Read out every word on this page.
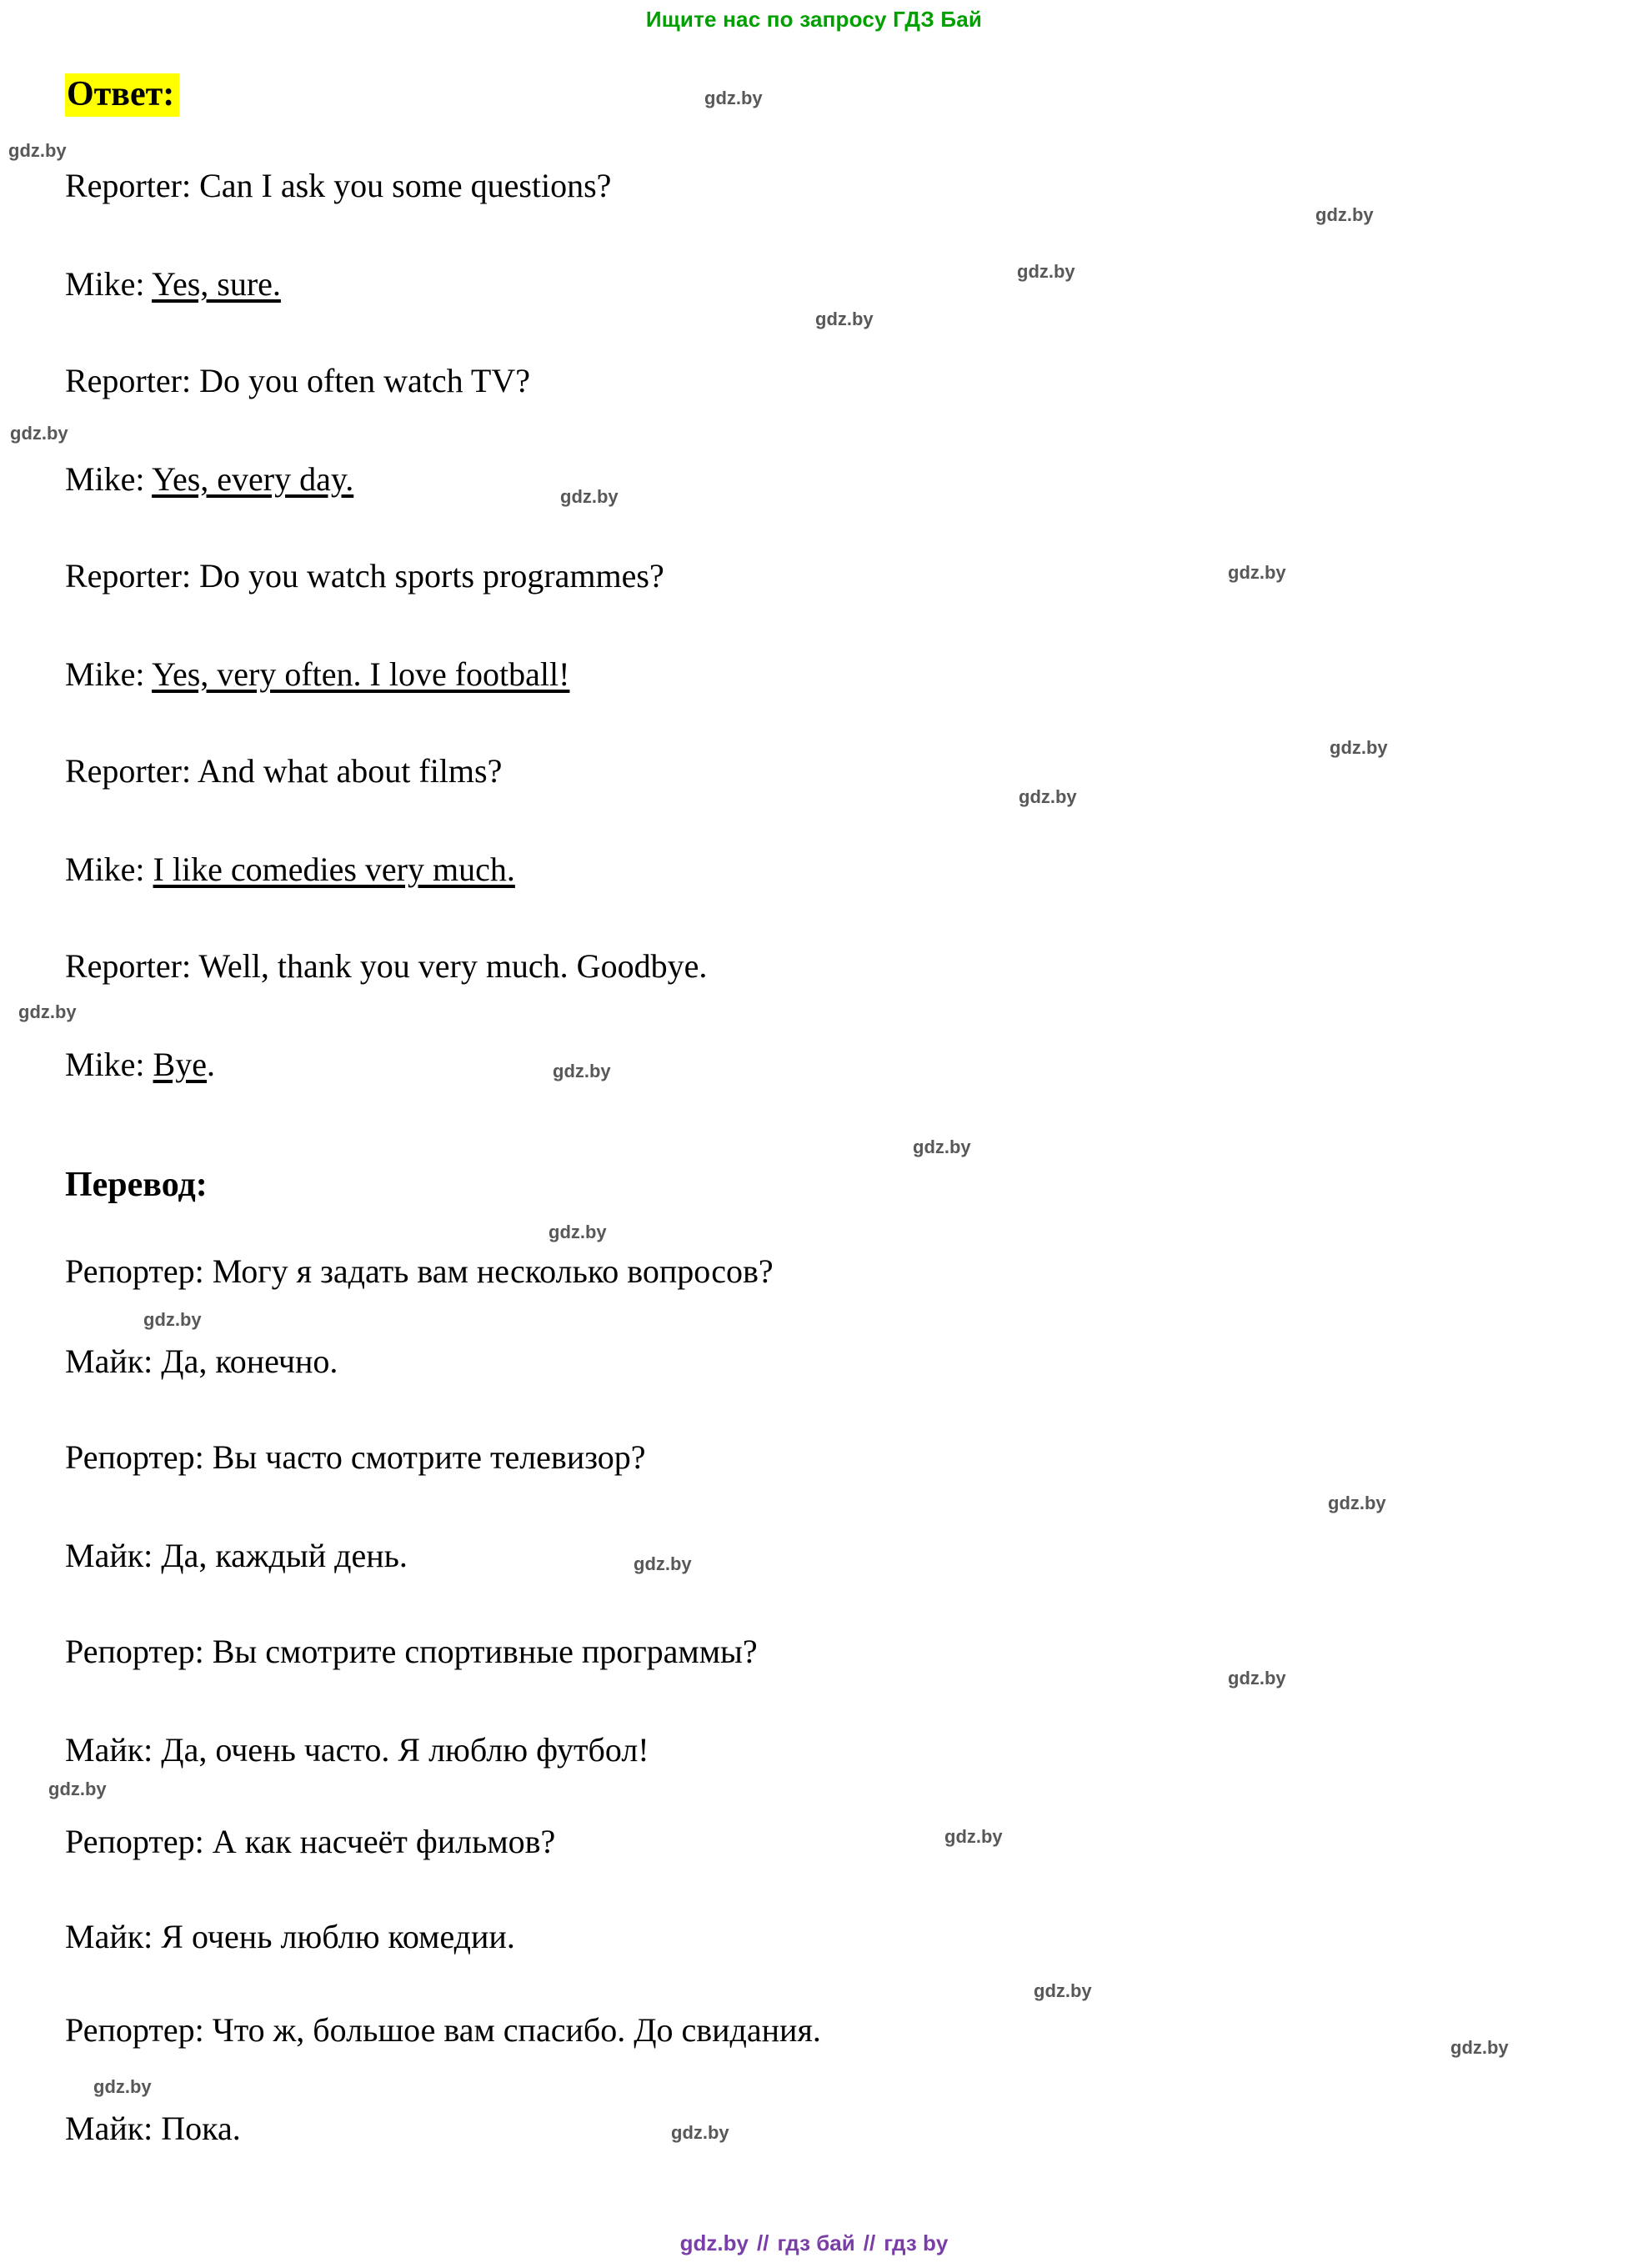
Ищите нас по запросу ГДЗ Бай
Ответ:
Перевод:
Reporter: Can I ask you some questions?
Mike: Yes, sure.
Reporter: Do you often watch TV?
Mike: Yes, every day.
Reporter: Do you watch sports programmes?
Mike: Yes, very often. I love football!
Reporter: And what about films?
Mike: I like comedies very much.
Reporter: Well, thank you very much. Goodbye.
Mike: Bye.
Репортер: Могу я задать вам несколько вопросов?
Майк: Да, конечно.
Репортер: Вы часто смотрите телевизор?
Майк: Да, каждый день.
Репортер: Вы смотрите спортивные программы?
Майк: Да, очень часто. Я люблю футбол!
Репортер: А как насчеёт фильмов?
Майк: Я очень люблю комедии.
Репортер: Что ж, большое вам спасибо. До свидания.
Майк: Пока.
gdz.by
gdz.by
gdz.by
gdz.by
gdz.by
gdz.by
gdz.by
gdz.by
gdz.by
gdz.by
gdz.by
gdz.by
gdz.by
gdz.by
gdz.by
gdz.by
gdz.by
gdz.by
gdz.by
gdz.by
gdz.by
gdz.by
gdz.by
gdz.by
gdz.by // гдз бай // гдз by
